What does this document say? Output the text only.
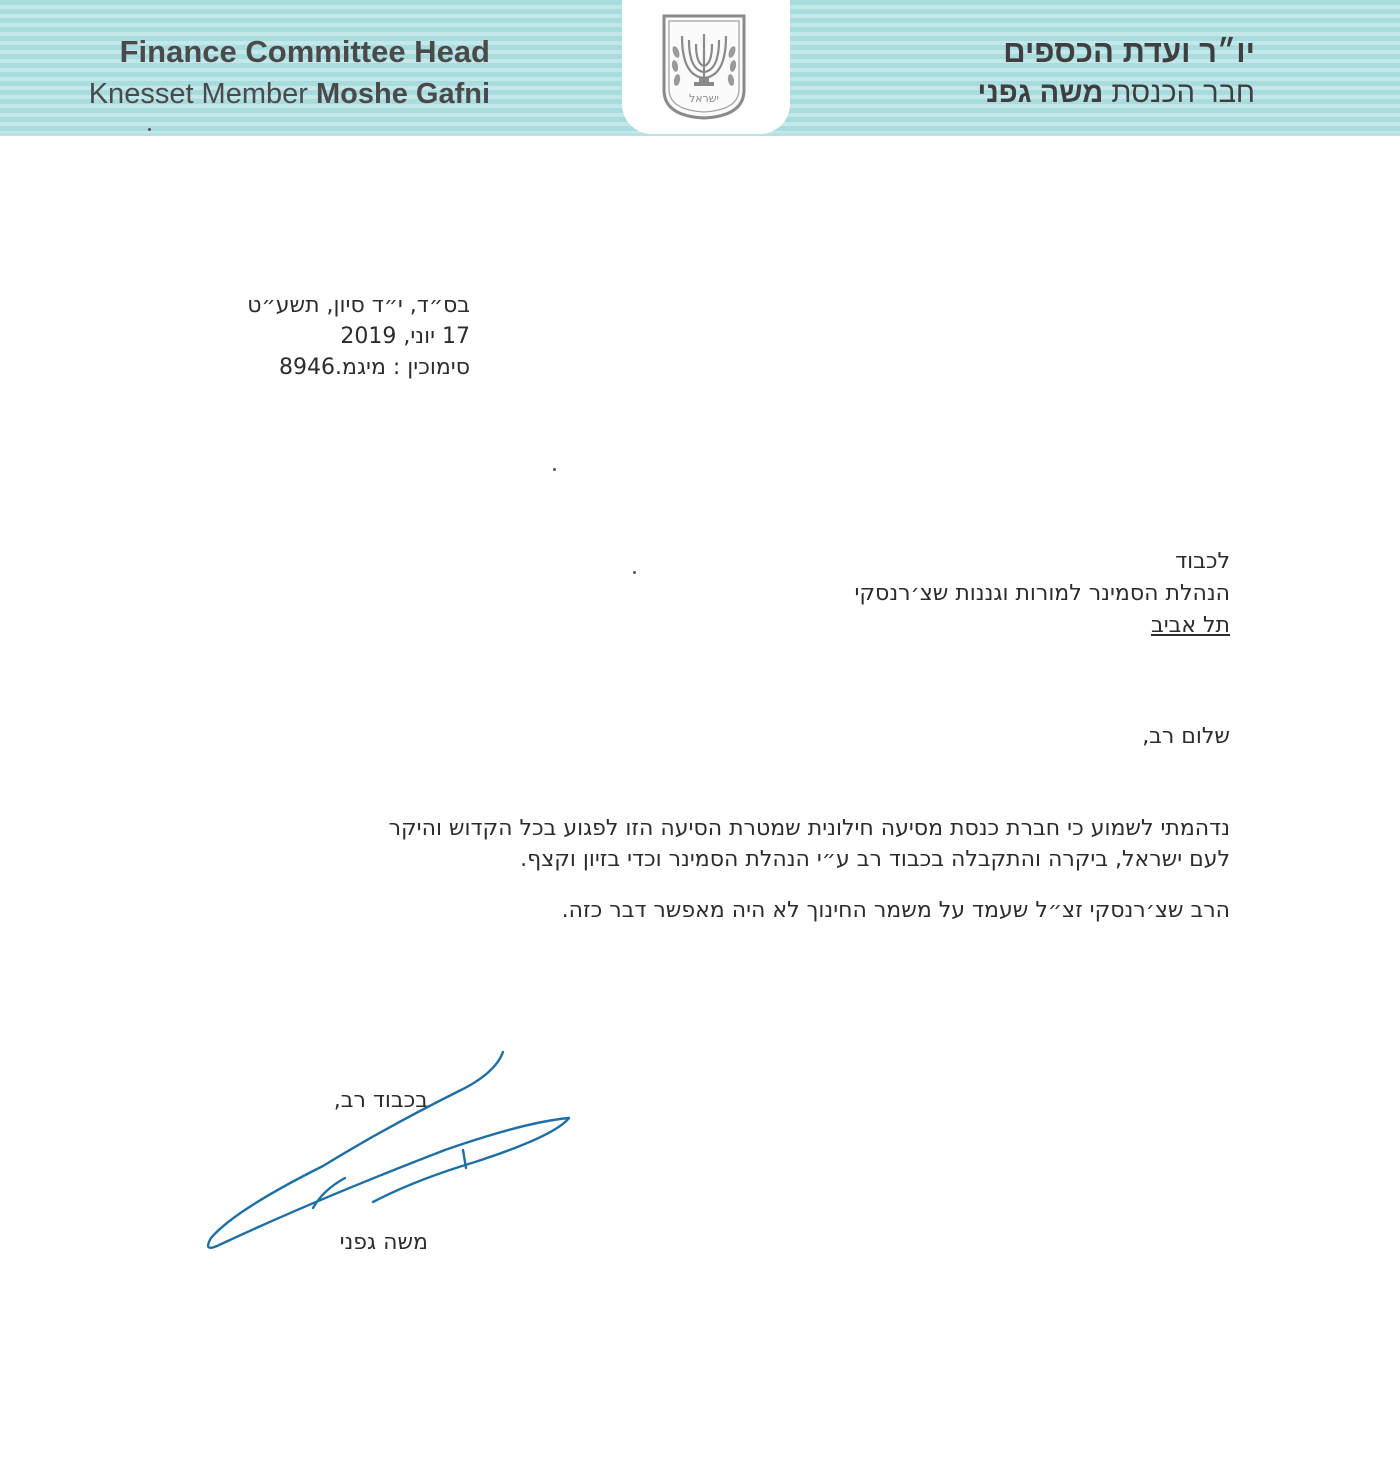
Finance Committee Head
Knesset Member Moshe Gafni	ישראל
יו״ר ועדת הכספים
חבר הכנסת משה גפני
בס״ד, י״ד סיון, תשע״ט
17 יוני, 2019
סימוכין : מיגמ.8946
לכבוד
הנהלת הסמינר למורות וגננות שצ׳רנסקי
תל אביב
שלום רב,
נדהמתי לשמוע כי חברת כנסת מסיעה חילונית שמטרת הסיעה הזו לפגוע בכל הקדוש והיקר
לעם ישראל, ביקרה והתקבלה בכבוד רב ע״י הנהלת הסמינר וכדי בזיון וקצף.
הרב שצ׳רנסקי זצ״ל שעמד על משמר החינוך לא היה מאפשר דבר כזה.
בכבוד רב,
משה גפני
